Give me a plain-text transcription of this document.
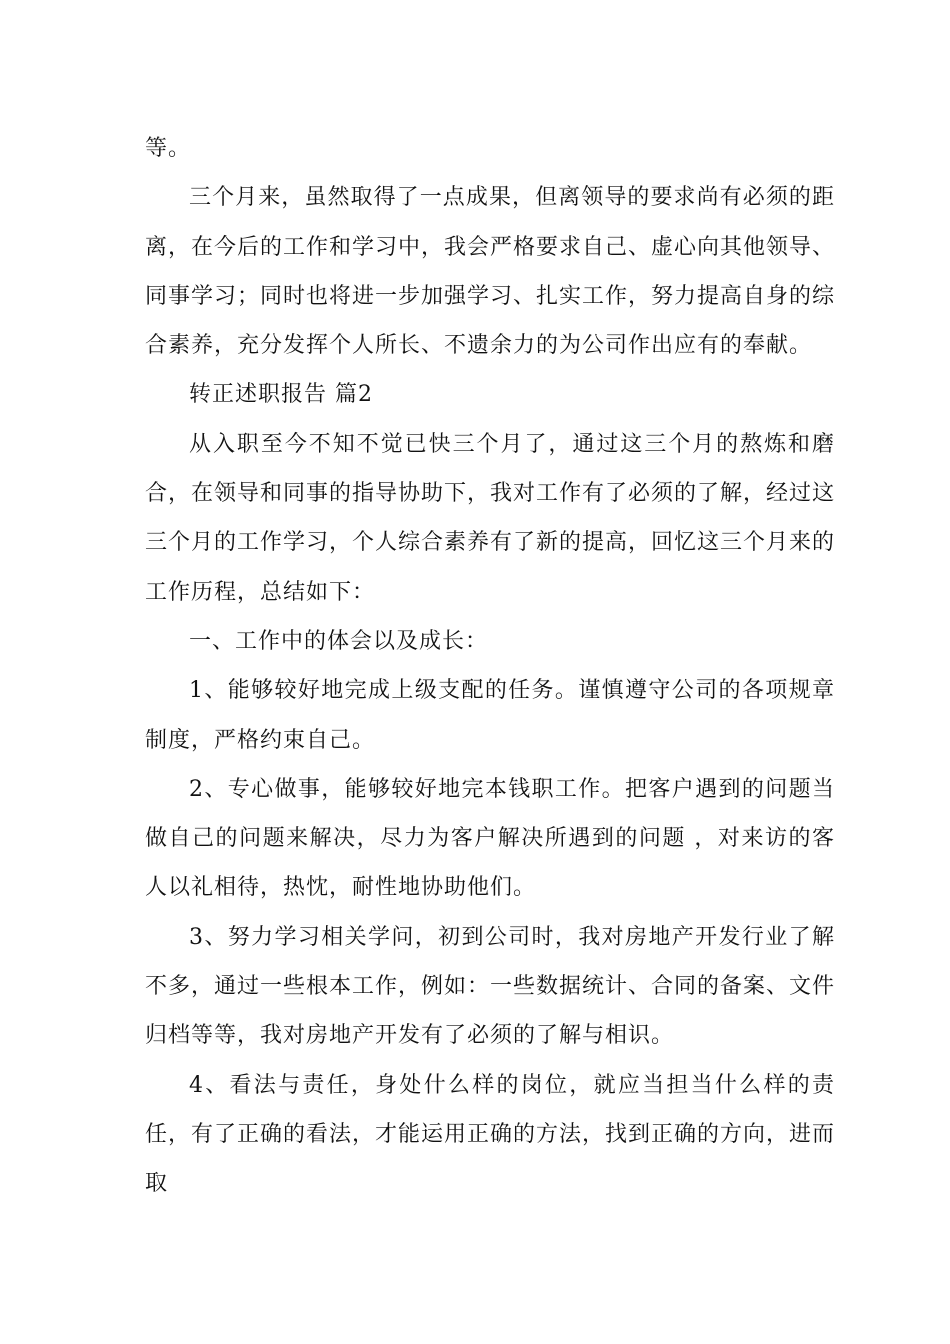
等。

三个月来，虽然取得了一点成果，但离领导的要求尚有必须的距离，在今后的工作和学习中，我会严格要求自己、虚心向其他领导、同事学习；同时也将进一步加强学习、扎实工作，努力提高自身的综合素养，充分发挥个人所长、不遗余力的为公司作出应有的奉献。

转正述职报告 篇2

从入职至今不知不觉已快三个月了，通过这三个月的熬炼和磨合，在领导和同事的指导协助下，我对工作有了必须的了解，经过这三个月的工作学习，个人综合素养有了新的提高，回忆这三个月来的工作历程，总结如下：

一、工作中的体会以及成长：

1、能够较好地完成上级支配的任务。谨慎遵守公司的各项规章制度，严格约束自己。

2、专心做事，能够较好地完本钱职工作。把客户遇到的问题当做自己的问题来解决，尽力为客户解决所遇到的问题 ，对来访的客人以礼相待，热忱，耐性地协助他们。

3、努力学习相关学问，初到公司时，我对房地产开发行业了解不多，通过一些根本工作，例如：一些数据统计、合同的备案、文件归档等等，我对房地产开发有了必须的了解与相识。

4、看法与责任，身处什么样的岗位，就应当担当什么样的责任，有了正确的看法，才能运用正确的方法，找到正确的方向，进而取
